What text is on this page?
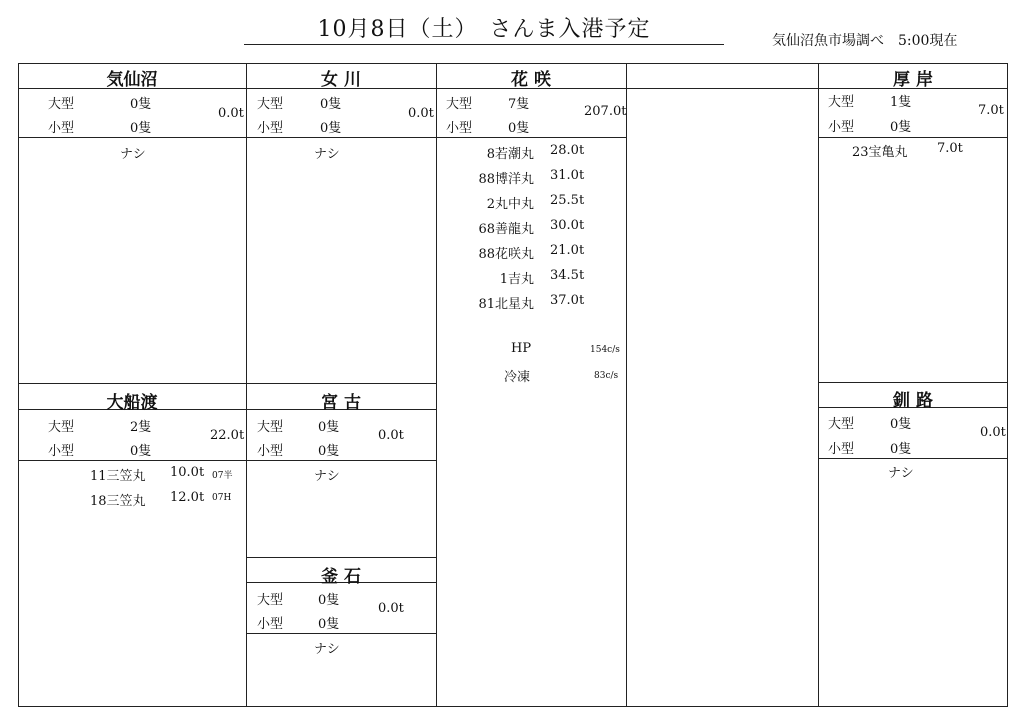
10月8日（土）　さんま入港予定	気仙沼魚市場調べ　5:00現在
気仙沼
大型	0隻
小型	0隻
0.0t
ナシ
女 川
大型	0隻
小型	0隻
0.0t
ナシ
花 咲
大型	7隻
小型	0隻
207.0t
8若潮丸 28.0t
88博洋丸 31.0t
2丸中丸 25.5t
68善龍丸 30.0t
88花咲丸 21.0t
1吉丸 34.5t
81北星丸 37.0t
HP	154c/s
冷凍	83c/s
厚 岸
大型	1隻
小型	0隻
7.0t
23宝亀丸 7.0t
大船渡
大型	2隻
小型	0隻
22.0t
11三笠丸 10.0t 07半
18三笠丸 12.0t 07H
宮 古
大型	0隻
小型	0隻
0.0t
ナシ
釜 石
大型	0隻
小型	0隻
0.0t
ナシ
釧 路
大型	0隻
小型	0隻
0.0t
ナシ
